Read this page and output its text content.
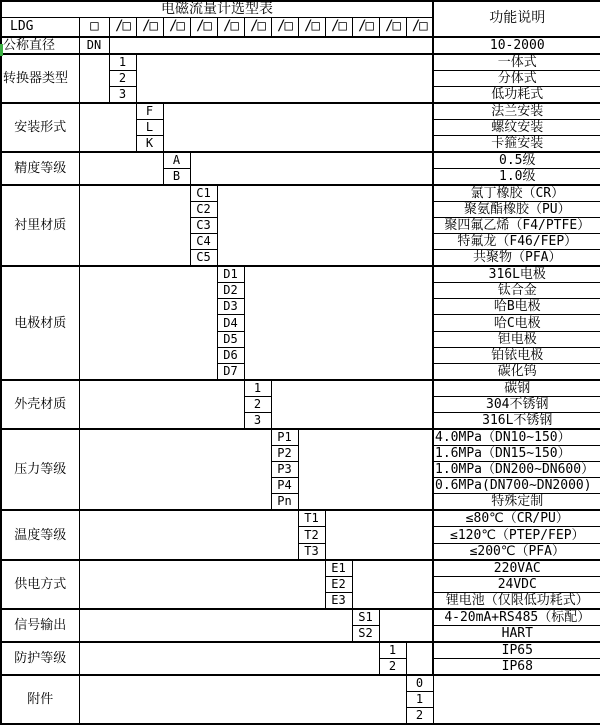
电磁流量计选型表														功能说明	
LDG	□	/□	/□	/□	/□	/□	/□	/□	/□	/□	/□	/□	/□		
公称直径	DN													10-2000	
转换器类型		1												一体式	
		2												分体式	
		3												低功耗式	
安装形式			F											法兰安装	
			L											螺纹安装	
			K											卡箍安装	
精度等级				A										0.5级	
				B										1.0级	
衬里材质					C1									氯丁橡胶（CR）	
					C2									聚氨酯橡胶（PU）	
					C3									聚四氟乙烯（F4/PTFE）	
					C4									特氟龙（F46/FEP）	
					C5									共聚物（PFA）	
电极材质						D1								316L电极	
						D2								钛合金	
						D3								哈B电极	
						D4								哈C电极	
						D5								钽电极	
						D6								铂铱电极	
						D7								碳化钨	
外壳材质							1							碳钢	
							2							304不锈钢	
							3							316L不锈钢	
压力等级								P1						4.0MPa（DN10~150）	
								P2						1.6MPa（DN15~150）	
								P3						1.0MPa（DN200~DN600）	
								P4						0.6MPa(DN700~DN2000)	
								Pn						特殊定制	
温度等级									T1					≤80℃（CR/PU）	
									T2					≤120℃（PTEP/FEP）	
									T3					≤200℃（PFA）	
供电方式										E1				220VAC	
										E2				24VDC	
										E3				锂电池（仅限低功耗式）	
信号输出											S1			4-20mA+RS485（标配）	
											S2			HART	
防护等级												1		IP65	
												2		IP68	
附件													0		
													1	
													2	
